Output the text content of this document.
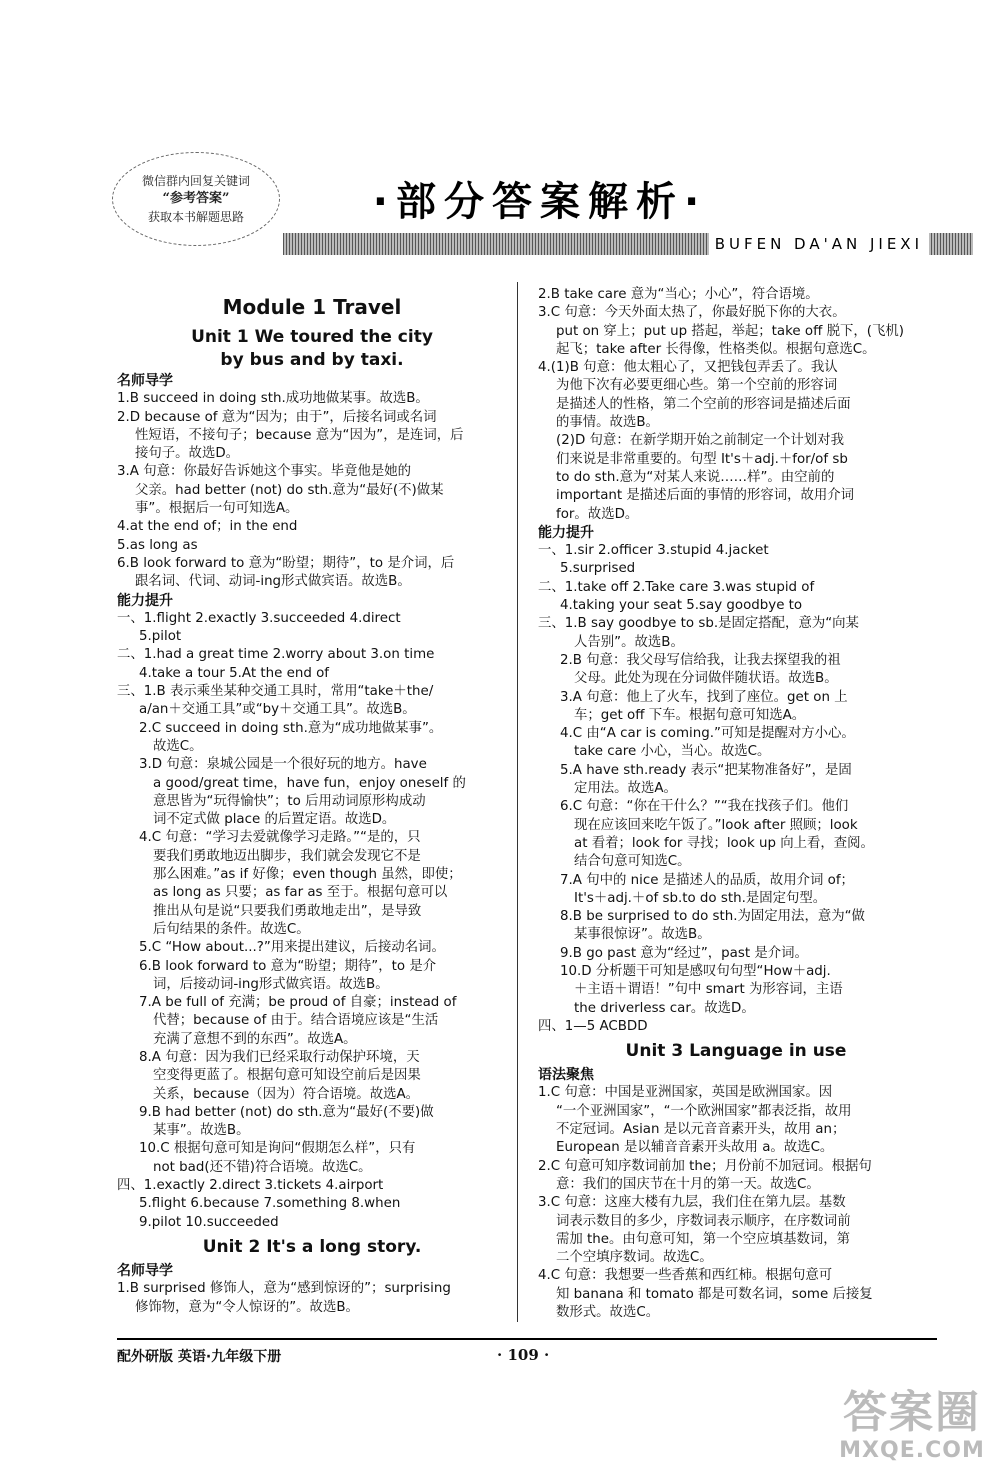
微信群内回复关键词
“参考答案”
获取本书解题思路	·部分答案解析·
BUFEN DA'AN JIEXI
Module 1 Travel
Unit 1 We toured the city
by bus and by taxi.
名师导学
1.B succeed in doing sth.成功地做某事。故选B。
2.D because of 意为“因为；由于”，后接名词或名词
性短语，不接句子；because 意为“因为”，是连词，后
接句子。故选D。
3.A 句意：你最好告诉她这个事实。毕竟他是她的
父亲。had better (not) do sth.意为“最好(不)做某
事”。根据后一句可知选A。
4.at the end of；in the end
5.as long as
6.B look forward to 意为“盼望；期待”，to 是介词，后
跟名词、代词、动词-ing形式做宾语。故选B。
能力提升
一、1.flight 2.exactly 3.succeeded 4.direct
5.pilot
二、1.had a great time 2.worry about 3.on time
4.take a tour 5.At the end of
三、1.B 表示乘坐某种交通工具时，常用“take＋the/
a/an＋交通工具”或“by＋交通工具”。故选B。
2.C succeed in doing sth.意为“成功地做某事”。
故选C。
3.D 句意：泉城公园是一个很好玩的地方。have
a good/great time，have fun，enjoy oneself 的
意思皆为“玩得愉快”；to 后用动词原形构成动
词不定式做 place 的后置定语。故选D。
4.C 句意：“学习去爱就像学习走路。”“是的，只
要我们勇敢地迈出脚步，我们就会发现它不是
那么困难。”as if 好像；even though 虽然，即使；
as long as 只要；as far as 至于。根据句意可以
推出从句是说“只要我们勇敢地走出”，是导致
后句结果的条件。故选C。
5.C “How about...?”用来提出建议，后接动名词。
6.B look forward to 意为“盼望；期待”，to 是介
词，后接动词-ing形式做宾语。故选B。
7.A be full of 充满；be proud of 自豪；instead of
代替；because of 由于。结合语境应该是“生活
充满了意想不到的东西”。故选A。
8.A 句意：因为我们已经采取行动保护环境，天
空变得更蓝了。根据句意可知设空前后是因果
关系，because（因为）符合语境。故选A。
9.B had better (not) do sth.意为“最好(不要)做
某事”。故选B。
10.C 根据句意可知是询问“假期怎么样”，只有
not bad(还不错)符合语境。故选C。
四、1.exactly 2.direct 3.tickets 4.airport
5.flight 6.because 7.something 8.when
9.pilot 10.succeeded
Unit 2 It's a long story.
名师导学
1.B surprised 修饰人，意为“感到惊讶的”；surprising
修饰物，意为“令人惊讶的”。故选B。
2.B take care 意为“当心；小心”，符合语境。
3.C 句意：今天外面太热了，你最好脱下你的大衣。
put on 穿上；put up 搭起，举起；take off 脱下，(飞机)
起飞；take after 长得像，性格类似。根据句意选C。
4.(1)B 句意：他太粗心了，又把钱包弄丢了。我认
为他下次有必要更细心些。第一个空前的形容词
是描述人的性格，第二个空前的形容词是描述后面
的事情。故选B。
(2)D 句意：在新学期开始之前制定一个计划对我
们来说是非常重要的。句型 It's＋adj.＋for/of sb
to do sth.意为“对某人来说……样”。由空前的
important 是描述后面的事情的形容词，故用介词
for。故选D。
能力提升
一、1.sir 2.officer 3.stupid 4.jacket
5.surprised
二、1.take off 2.Take care 3.was stupid of
4.taking your seat 5.say goodbye to
三、1.B say goodbye to sb.是固定搭配，意为“向某
人告别”。故选B。
2.B 句意：我父母写信给我，让我去探望我的祖
父母。此处为现在分词做伴随状语。故选B。
3.A 句意：他上了火车，找到了座位。get on 上
车；get off 下车。根据句意可知选A。
4.C 由“A car is coming.”可知是提醒对方小心。
take care 小心，当心。故选C。
5.A have sth.ready 表示“把某物准备好”，是固
定用法。故选A。
6.C 句意：“你在干什么？”“我在找孩子们。他们
现在应该回来吃午饭了。”look after 照顾；look
at 看着；look for 寻找；look up 向上看，查阅。
结合句意可知选C。
7.A 句中的 nice 是描述人的品质，故用介词 of；
It's＋adj.＋of sb.to do sth.是固定句型。
8.B be surprised to do sth.为固定用法，意为“做
某事很惊讶”。故选B。
9.B go past 意为“经过”，past 是介词。
10.D 分析题干可知是感叹句句型“How＋adj.
＋主语＋谓语！”句中 smart 为形容词，主语
the driverless car。故选D。
四、1—5 ACBDD
Unit 3 Language in use
语法聚焦
1.C 句意：中国是亚洲国家，英国是欧洲国家。因
“一个亚洲国家”，“一个欧洲国家”都表泛指，故用
不定冠词。Asian 是以元音音素开头，故用 an；
European 是以辅音音素开头故用 a。故选C。
2.C 句意可知序数词前加 the；月份前不加冠词。根据句
意：我们的国庆节在十月的第一天。故选C。
3.C 句意：这座大楼有九层，我们住在第九层。基数
词表示数目的多少，序数词表示顺序，在序数词前
需加 the。由句意可知，第一个空应填基数词，第
二个空填序数词。故选C。
4.C 句意：我想要一些香蕉和西红柿。根据句意可
知 banana 和 tomato 都是可数名词，some 后接复
数形式。故选C。
配外研版 英语·九年级下册	· 109 ·
答案圈
MXQE.COM
